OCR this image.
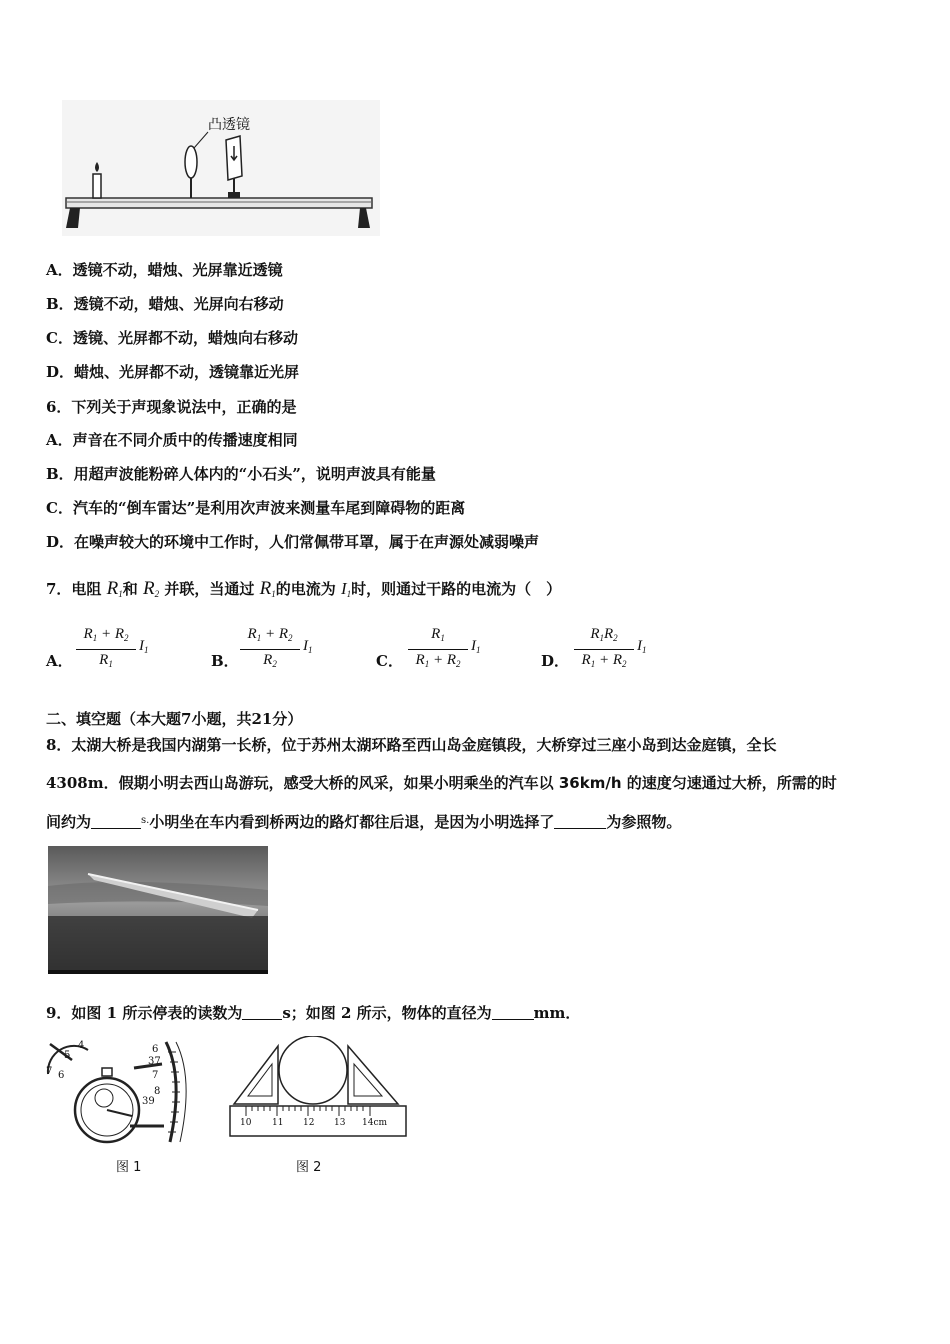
凸透镜
A．透镜不动，蜡烛、光屏靠近透镜
B．透镜不动，蜡烛、光屏向右移动
C．透镜、光屏都不动，蜡烛向右移动
D．蜡烛、光屏都不动，透镜靠近光屏
6．下列关于声现象说法中，正确的是
A．声音在不同介质中的传播速度相同
B．用超声波能粉碎人体内的“小石头”，说明声波具有能量
C．汽车的“倒车雷达”是利用次声波来测量车尾到障碍物的距离
D．在噪声较大的环境中工作时，人们常佩带耳罩，属于在声源处减弱噪声
7．电阻 $R_1$和 $R_2$ 并联，当通过 $R_1$的电流为 $I_1$时，则通过干路的电流为（　）
A．
$R_1 + R_2$
$R_1$
$I_1$
B．
$R_1 + R_2$
$R_2$
$I_1$
C．
$R_1$
$R_1 + R_2$
$I_1$
D．
$R_1R_2$
$R_1 + R_2$
$I_1$
二、填空题（本大题7小题，共21分）
8．太湖大桥是我国内湖第一长桥，位于苏州太湖环路至西山岛金庭镇段，大桥穿过三座小岛到达金庭镇，全长
4308m．假期小明去西山岛游玩，感受大桥的风采，如果小明乘坐的汽车以 36km/h 的速度匀速通过大桥，所需的时
间约为	$^{s.}$小明坐在车内看到桥两边的路灯都往后退，是因为小明选择了	为参照物。
9．如图 1 所示停表的读数为	s；如图 2 所示，物体的直径为	mm．
4
5
7 6
6
37
7
8
39
图 1
10 11 12 13 14cm
图 2
